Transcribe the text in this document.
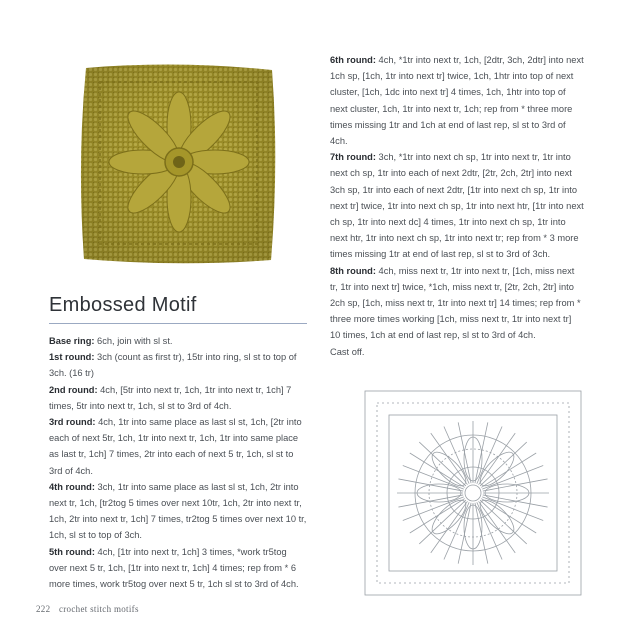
Embossed Motif

Base ring: 6ch, join with sl st.

1st round: 3ch (count as first tr), 15tr into ring, sl st to top of 3ch. (16 tr)

2nd round: 4ch, [5tr into next tr, 1ch, 1tr into next tr, 1ch] 7 times, 5tr into next tr, 1ch, sl st to 3rd of 4ch.

3rd round: 4ch, 1tr into same place as last sl st, 1ch, [2tr into each of next 5tr, 1ch, 1tr into next tr, 1ch, 1tr into same place as last tr, 1ch] 7 times, 2tr into each of next 5 tr, 1ch, sl st to 3rd of 4ch.

4th round: 3ch, 1tr into same place as last sl st, 1ch, 2tr into next tr, 1ch, [tr2tog 5 times over next 10tr, 1ch, 2tr into next tr, 1ch, 2tr into next tr, 1ch] 7 times, tr2tog 5 times over next 10 tr, 1ch, sl st to top of 3ch.

5th round: 4ch, [1tr into next tr, 1ch] 3 times, *work tr5tog over next 5 tr, 1ch, [1tr into next tr, 1ch] 4 times; rep from * 6 more times, work tr5tog over next 5 tr, 1ch sl st to 3rd of 4ch.

6th round: 4ch, *1tr into next tr, 1ch, [2dtr, 3ch, 2dtr] into next 1ch sp, [1ch, 1tr into next tr] twice, 1ch, 1htr into top of next cluster, [1ch, 1dc into next tr] 4 times, 1ch, 1htr into top of next cluster, 1ch, 1tr into next tr, 1ch; rep from * three more times missing 1tr and 1ch at end of last rep, sl st to 3rd of 4ch.

7th round: 3ch, *1tr into next ch sp, 1tr into next tr, 1tr into next ch sp, 1tr into each of next 2dtr, [2tr, 2ch, 2tr] into next 3ch sp, 1tr into each of next 2dtr, [1tr into next ch sp, 1tr into next tr] twice, 1tr into next ch sp, 1tr into next htr, [1tr into next ch sp, 1tr into next dc] 4 times, 1tr into next ch sp, 1tr into next htr, 1tr into next ch sp, 1tr into next tr; rep from * 3 more times missing 1tr at end of last rep, sl st to 3rd of 3ch.

8th round: 4ch, miss next tr, 1tr into next tr, [1ch, miss next tr, 1tr into next tr] twice, *1ch, miss next tr, [2tr, 2ch, 2tr] into 2ch sp, [1ch, miss next tr, 1tr into next tr] 14 times; rep from * three more times working [1ch, miss next tr, 1tr into next tr] 10 times, 1ch at end of last rep, sl st to 3rd of 4ch.

Cast off.

222 crochet stitch motifs
